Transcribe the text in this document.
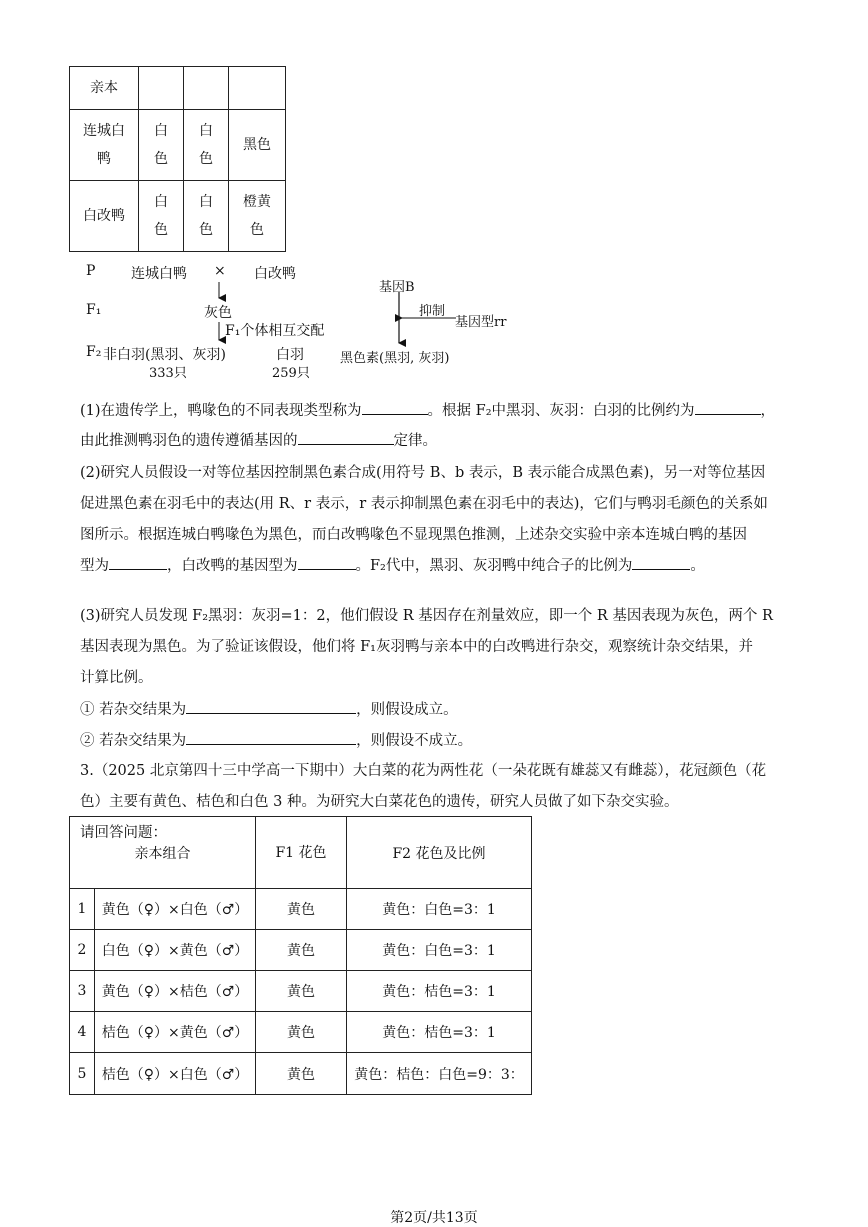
亲本			
连城白鸭	白色	白色	黑色
白改鸭	白色	白色	橙黄色
P	连城白鸭 × 白改鸭
F₁	灰色
F₁个体相互交配
F₂ 非白羽(黑羽、灰羽)
333只
白羽
259只
基因B
抑制
基因型rr
黑色素(黑羽, 灰羽)
(1)在遗传学上，鸭喙色的不同表现类型称为	。根据 F₂中黑羽、灰羽：白羽的比例约为	，
由此推测鸭羽色的遗传遵循基因的	定律。
(2)研究人员假设一对等位基因控制黑色素合成(用符号 B、b 表示，B 表示能合成黑色素)，另一对等位基因
促进黑色素在羽毛中的表达(用 R、r 表示，r 表示抑制黑色素在羽毛中的表达)，它们与鸭羽毛颜色的关系如
图所示。根据连城白鸭喙色为黑色，而白改鸭喙色不显现黑色推测，上述杂交实验中亲本连城白鸭的基因
型为	，白改鸭的基因型为	。F₂代中，黑羽、灰羽鸭中纯合子的比例为	。
(3)研究人员发现 F₂黑羽：灰羽=1：2，他们假设 R 基因存在剂量效应，即一个 R 基因表现为灰色，两个 R
基因表现为黑色。为了验证该假设，他们将 F₁灰羽鸭与亲本中的白改鸭进行杂交，观察统计杂交结果，并
计算比例。
① 若杂交结果为	，则假设成立。
② 若杂交结果为	，则假设不成立。
3.（2025 北京第四十三中学高一下期中）大白菜的花为两性花（一朵花既有雄蕊又有雌蕊），花冠颜色（花
色）主要有黄色、桔色和白色 3 种。为研究大白菜花色的遗传，研究人员做了如下杂交实验。
请回答问题：
亲本组合		F1 花色	F2 花色及比例
1	黄色（♀）×白色（♂）	黄色	黄色：白色=3：1
2	白色（♀）×黄色（♂）	黄色	黄色：白色=3：1
3	黄色（♀）×桔色（♂）	黄色	黄色：桔色=3：1
4	桔色（♀）×黄色（♂）	黄色	黄色：桔色=3：1
5	桔色（♀）×白色（♂）	黄色	黄色：桔色：白色=9：3：
第2页/共13页
